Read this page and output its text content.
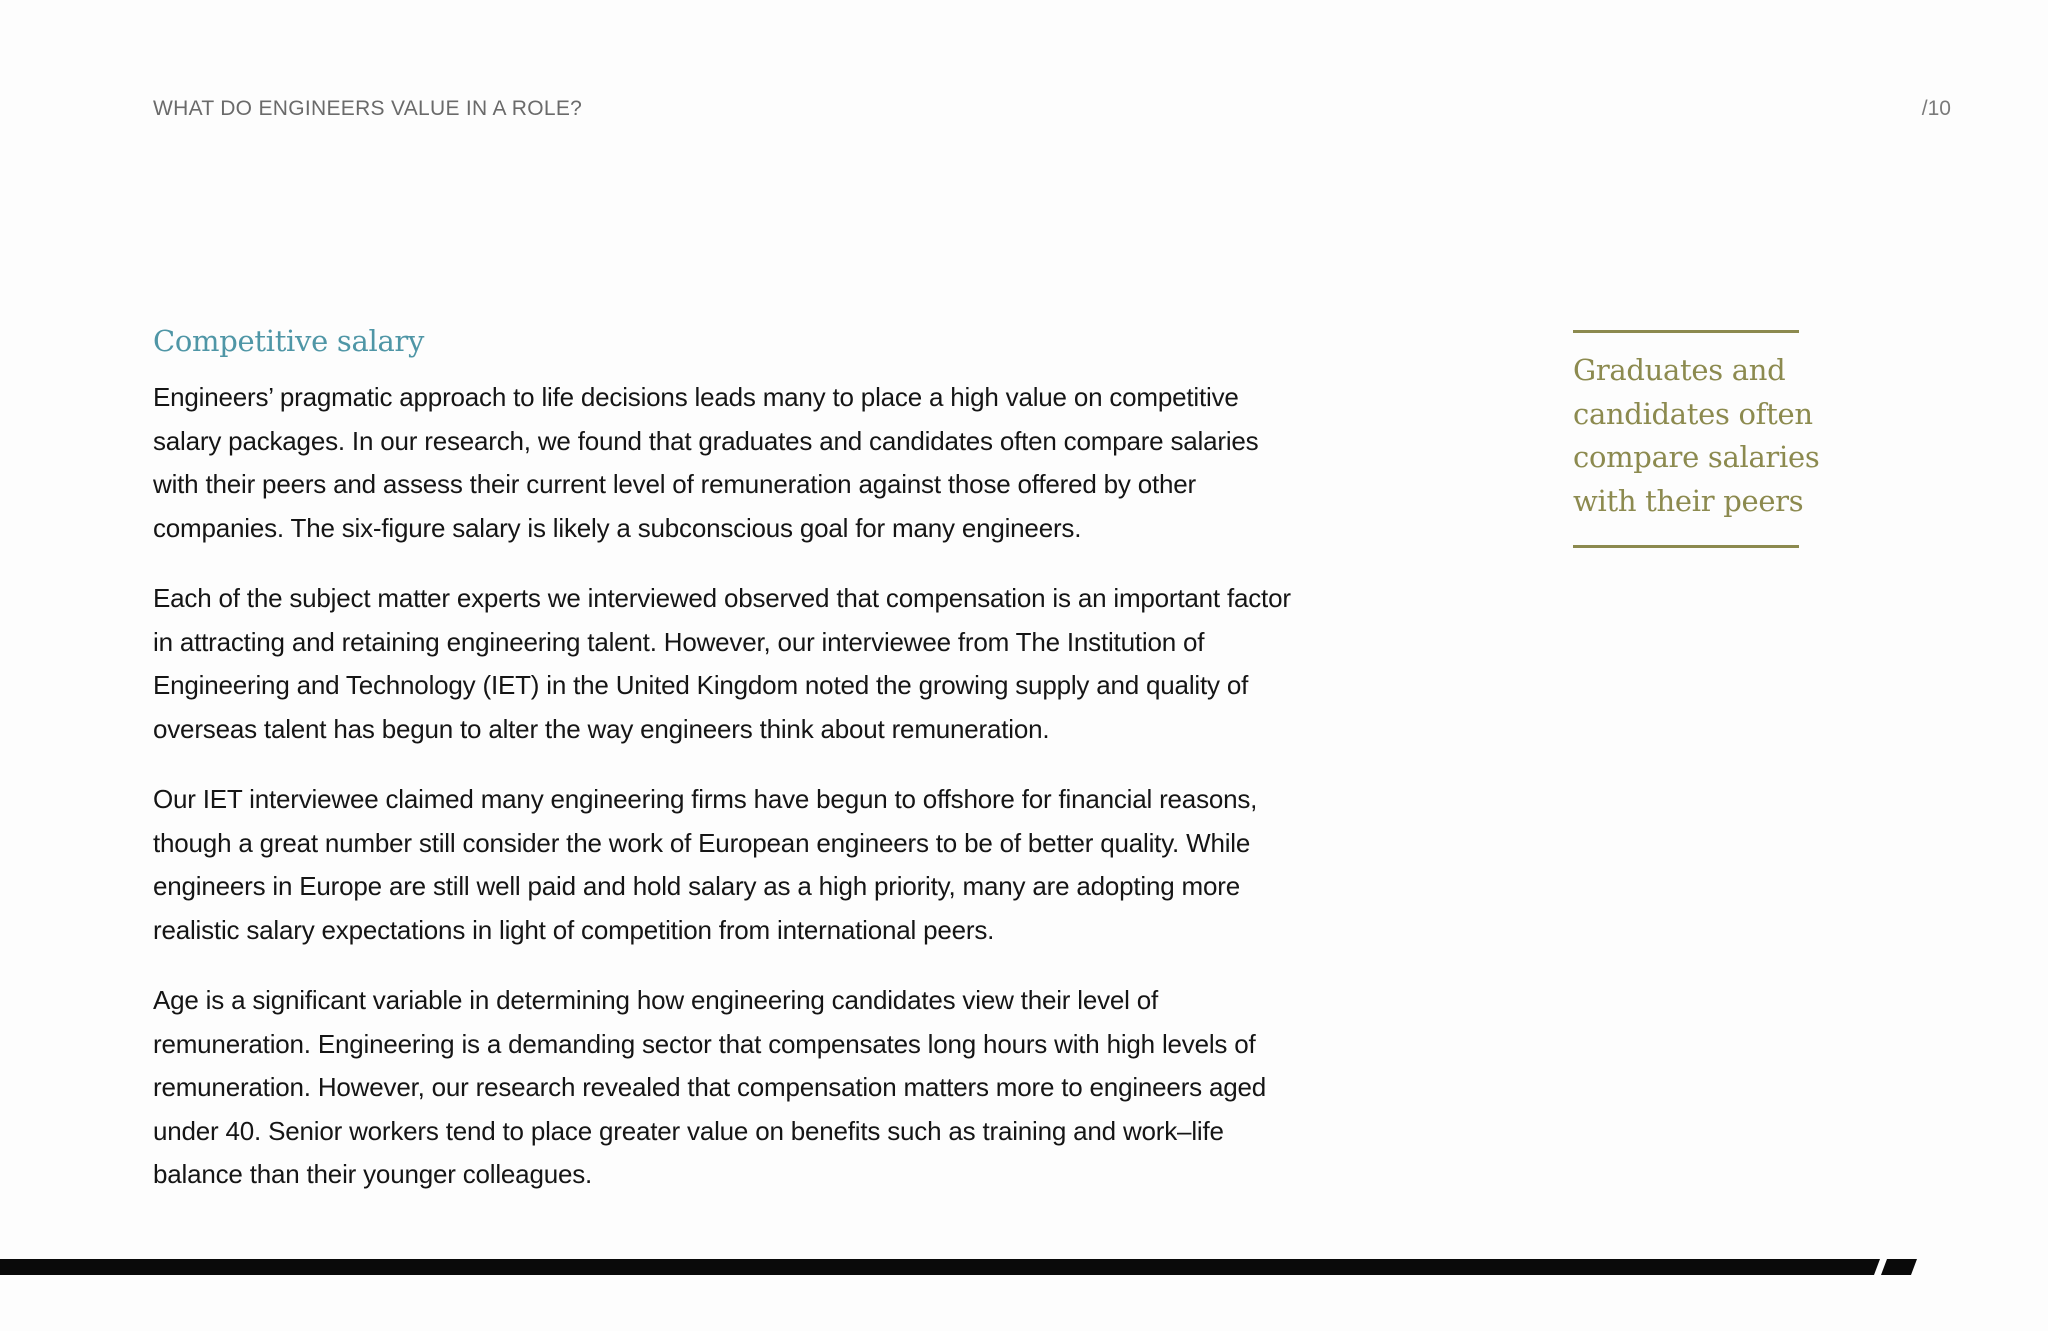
WHAT DO ENGINEERS VALUE IN A ROLE?	/10
Competitive salary

Engineers’ pragmatic approach to life decisions leads many to place a high value on competitive salary packages. In our research, we found that graduates and candidates often compare salaries with their peers and assess their current level of remuneration against those offered by other companies. The six-figure salary is likely a subconscious goal for many engineers.

Each of the subject matter experts we interviewed observed that compensation is an important factor in attracting and retaining engineering talent. However, our interviewee from The Institution of Engineering and Technology (IET) in the United Kingdom noted the growing supply and quality of overseas talent has begun to alter the way engineers think about remuneration.

Our IET interviewee claimed many engineering firms have begun to offshore for financial reasons, though a great number still consider the work of European engineers to be of better quality. While engineers in Europe are still well paid and hold salary as a high priority, many are adopting more realistic salary expectations in light of competition from international peers.

Age is a significant variable in determining how engineering candidates view their level of remuneration. Engineering is a demanding sector that compensates long hours with high levels of remuneration. However, our research revealed that compensation matters more to engineers aged under 40. Senior workers tend to place greater value on benefits such as training and work–life balance than their younger colleagues.

Graduates and candidates often compare salaries with their peers
